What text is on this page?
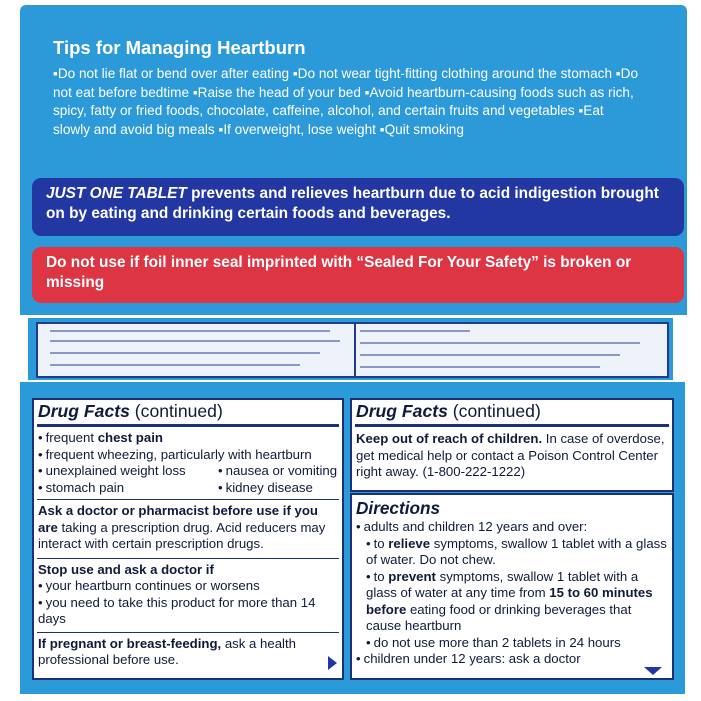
Tips for Managing Heartburn
▪ Do not lie flat or bend over after eating ▪ Do not wear tight-fitting clothing around the stomach ▪ Do not eat before bedtime ▪ Raise the head of your bed ▪ Avoid heartburn-causing foods such as rich, spicy, fatty or fried foods, chocolate, caffeine, alcohol, and certain fruits and vegetables ▪ Eat slowly and avoid big meals ▪ If overweight, lose weight ▪ Quit smoking
JUST ONE TABLET prevents and relieves heartburn due to acid indigestion brought on by eating and drinking certain foods and beverages.
Do not use if foil inner seal imprinted with “Sealed For Your Safety” is broken or missing
Drug Facts (continued)
• frequent chest pain
• frequent wheezing, particularly with heartburn
• unexplained weight loss
• stomach pain
• nausea or vomiting
• kidney disease
Ask a doctor or pharmacist before use if you are taking a prescription drug. Acid reducers may interact with certain prescription drugs.
Stop use and ask a doctor if
• your heartburn continues or worsens
• you need to take this product for more than 14 days
If pregnant or breast-feeding, ask a health professional before use.
Drug Facts (continued)
Keep out of reach of children. In case of overdose, get medical help or contact a Poison Control Center right away. (1-800-222-1222)
Directions
• adults and children 12 years and over:
• to relieve symptoms, swallow 1 tablet with a glass of water. Do not chew.
• to prevent symptoms, swallow 1 tablet with a glass of water at any time from 15 to 60 minutes before eating food or drinking beverages that cause heartburn
• do not use more than 2 tablets in 24 hours
• children under 12 years: ask a doctor
